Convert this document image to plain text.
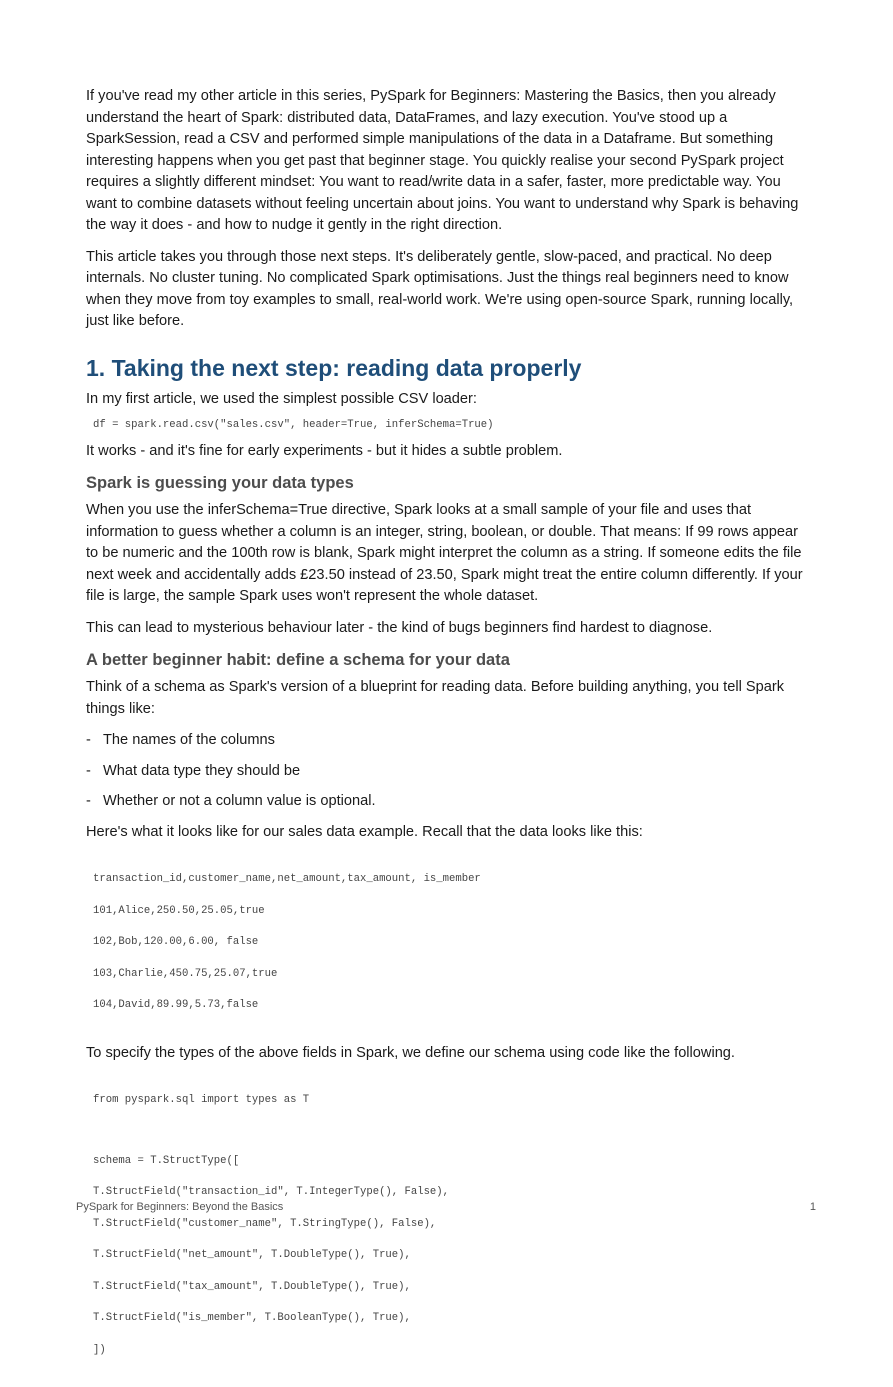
If you've read my other article in this series, PySpark for Beginners: Mastering the Basics, then you already understand the heart of Spark: distributed data, DataFrames, and lazy execution. You've stood up a SparkSession, read a CSV and performed simple manipulations of the data in a Dataframe. But something interesting happens when you get past that beginner stage. You quickly realise your second PySpark project requires a slightly different mindset: You want to read/write data in a safer, faster, more predictable way. You want to combine datasets without feeling uncertain about joins. You want to understand why Spark is behaving the way it does - and how to nudge it gently in the right direction.

This article takes you through those next steps. It's deliberately gentle, slow-paced, and practical. No deep internals. No cluster tuning. No complicated Spark optimisations. Just the things real beginners need to know when they move from toy examples to small, real-world work. We're using open-source Spark, running locally, just like before.

1. Taking the next step: reading data properly

In my first article, we used the simplest possible CSV loader:

df = spark.read.csv("sales.csv", header=True, inferSchema=True)

It works - and it's fine for early experiments - but it hides a subtle problem.

Spark is guessing your data types

When you use the inferSchema=True directive, Spark looks at a small sample of your file and uses that information to guess whether a column is an integer, string, boolean, or double. That means: If 99 rows appear to be numeric and the 100th row is blank, Spark might interpret the column as a string. If someone edits the file next week and accidentally adds £23.50 instead of 23.50, Spark might treat the entire column differently. If your file is large, the sample Spark uses won't represent the whole dataset.

This can lead to mysterious behaviour later - the kind of bugs beginners find hardest to diagnose.

A better beginner habit: define a schema for your data

Think of a schema as Spark's version of a blueprint for reading data. Before building anything, you tell Spark things like:

- The names of the columns
- What data type they should be
- Whether or not a column value is optional.

Here's what it looks like for our sales data example. Recall that the data looks like this:

transaction_id,customer_name,net_amount,tax_amount, is_member

101,Alice,250.50,25.05,true

102,Bob,120.00,6.00, false

103,Charlie,450.75,25.07,true

104,David,89.99,5.73,false

To specify the types of the above fields in Spark, we define our schema using code like the following.

from pyspark.sql import types as T

schema = T.StructType([

T.StructField("transaction_id", T.IntegerType(), False),

T.StructField("customer_name", T.StringType(), False),

T.StructField("net_amount", T.DoubleType(), True),

T.StructField("tax_amount", T.DoubleType(), True),

T.StructField("is_member", T.BooleanType(), True),

])

PySpark for Beginners: Beyond the Basics	1
